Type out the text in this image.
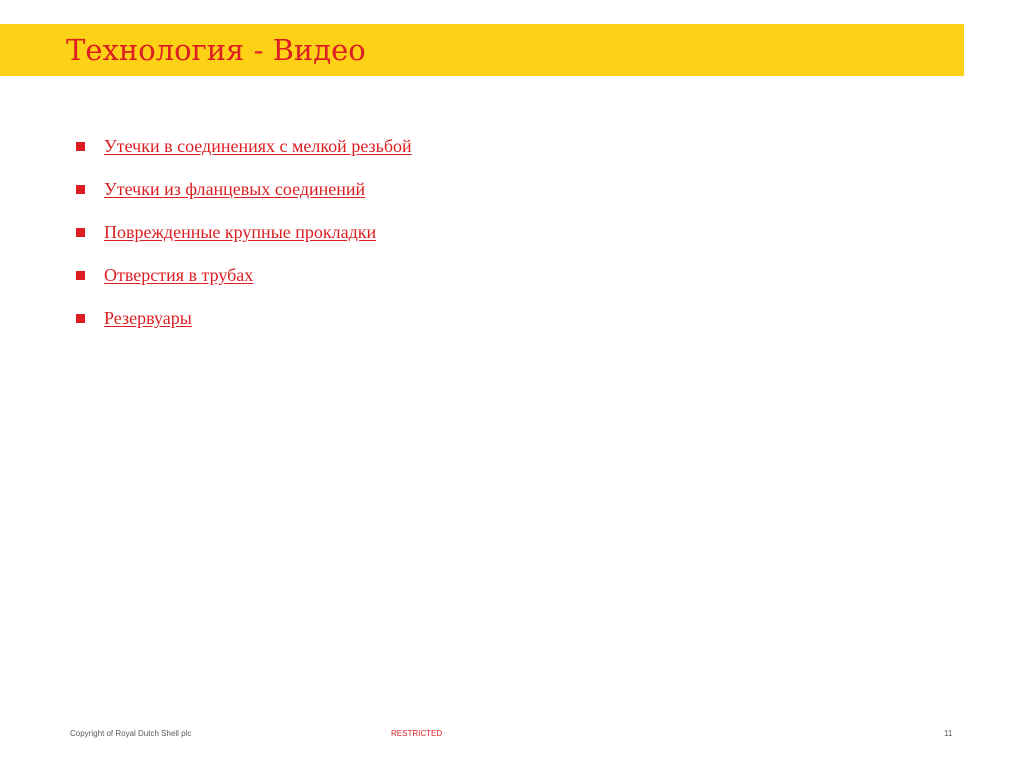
Технология - Видео
Утечки в соединениях с мелкой резьбой
Утечки из фланцевых соединений
Поврежденные крупные прокладки
Отверстия в трубах
Резервуары
Copyright of Royal Dutch Shell plc	RESTRICTED	11
